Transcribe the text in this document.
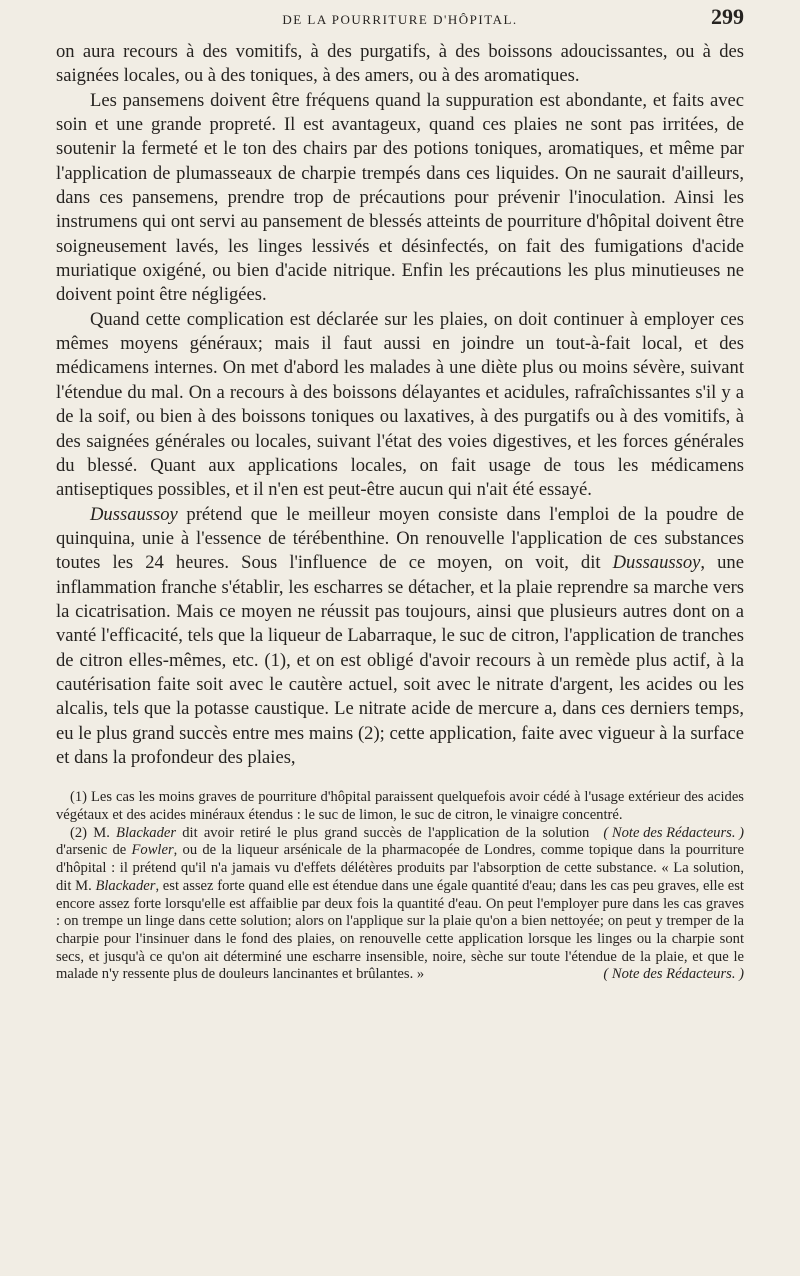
DE LA POURRITURE D'HÔPITAL.	299

on aura recours à des vomitifs, à des purgatifs, à des boissons adoucissantes, ou à des saignées locales, ou à des toniques, à des amers, ou à des aromatiques.

Les pansemens doivent être fréquens quand la suppuration est abondante, et faits avec soin et une grande propreté. Il est avantageux, quand ces plaies ne sont pas irritées, de soutenir la fermeté et le ton des chairs par des potions toniques, aromatiques, et même par l'application de plumasseaux de charpie trempés dans ces liquides. On ne saurait d'ailleurs, dans ces pansemens, prendre trop de précautions pour prévenir l'inoculation. Ainsi les instrumens qui ont servi au pansement de blessés atteints de pourriture d'hôpital doivent être soigneusement lavés, les linges lessivés et désinfectés, on fait des fumigations d'acide muriatique oxigéné, ou bien d'acide nitrique. Enfin les précautions les plus minutieuses ne doivent point être négligées.

Quand cette complication est déclarée sur les plaies, on doit continuer à employer ces mêmes moyens généraux; mais il faut aussi en joindre un tout-à-fait local, et des médicamens internes. On met d'abord les malades à une diète plus ou moins sévère, suivant l'étendue du mal. On a recours à des boissons délayantes et acidules, rafraîchissantes s'il y a de la soif, ou bien à des boissons toniques ou laxatives, à des purgatifs ou à des vomitifs, à des saignées générales ou locales, suivant l'état des voies digestives, et les forces générales du blessé. Quant aux applications locales, on fait usage de tous les médicamens antiseptiques possibles, et il n'en est peut-être aucun qui n'ait été essayé.

Dussaussoy prétend que le meilleur moyen consiste dans l'emploi de la poudre de quinquina, unie à l'essence de térébenthine. On renouvelle l'application de ces substances toutes les 24 heures. Sous l'influence de ce moyen, on voit, dit Dussaussoy, une inflammation franche s'établir, les escharres se détacher, et la plaie reprendre sa marche vers la cicatrisation. Mais ce moyen ne réussit pas toujours, ainsi que plusieurs autres dont on a vanté l'efficacité, tels que la liqueur de Labarraque, le suc de citron, l'application de tranches de citron elles-mêmes, etc. (1), et on est obligé d'avoir recours à un remède plus actif, à la cautérisation faite soit avec le cautère actuel, soit avec le nitrate d'argent, les acides ou les alcalis, tels que la potasse caustique. Le nitrate acide de mercure a, dans ces derniers temps, eu le plus grand succès entre mes mains (2); cette application, faite avec vigueur à la surface et dans la profondeur des plaies,

(1) Les cas les moins graves de pourriture d'hôpital paraissent quelquefois avoir cédé à l'usage extérieur des acides végétaux et des acides minéraux étendus : le suc de limon, le suc de citron, le vinaigre concentré.
( Note des Rédacteurs. )

(2) M. Blackader dit avoir retiré le plus grand succès de l'application de la solution d'arsenic de Fowler, ou de la liqueur arsénicale de la pharmacopée de Londres, comme topique dans la pourriture d'hôpital : il prétend qu'il n'a jamais vu d'effets délétères produits par l'absorption de cette substance. « La solution, dit M. Blackader, est assez forte quand elle est étendue dans une égale quantité d'eau; dans les cas peu graves, elle est encore assez forte lorsqu'elle est affaiblie par deux fois la quantité d'eau. On peut l'employer pure dans les cas graves : on trempe un linge dans cette solution; alors on l'applique sur la plaie qu'on a bien nettoyée; on peut y tremper de la charpie pour l'insinuer dans le fond des plaies, on renouvelle cette application lorsque les linges ou la charpie sont secs, et jusqu'à ce qu'on ait déterminé une escharre insensible, noire, sèche sur toute l'étendue de la plaie, et que le malade n'y ressente plus de douleurs lancinantes et brûlantes. »	( Note des Rédacteurs. )
